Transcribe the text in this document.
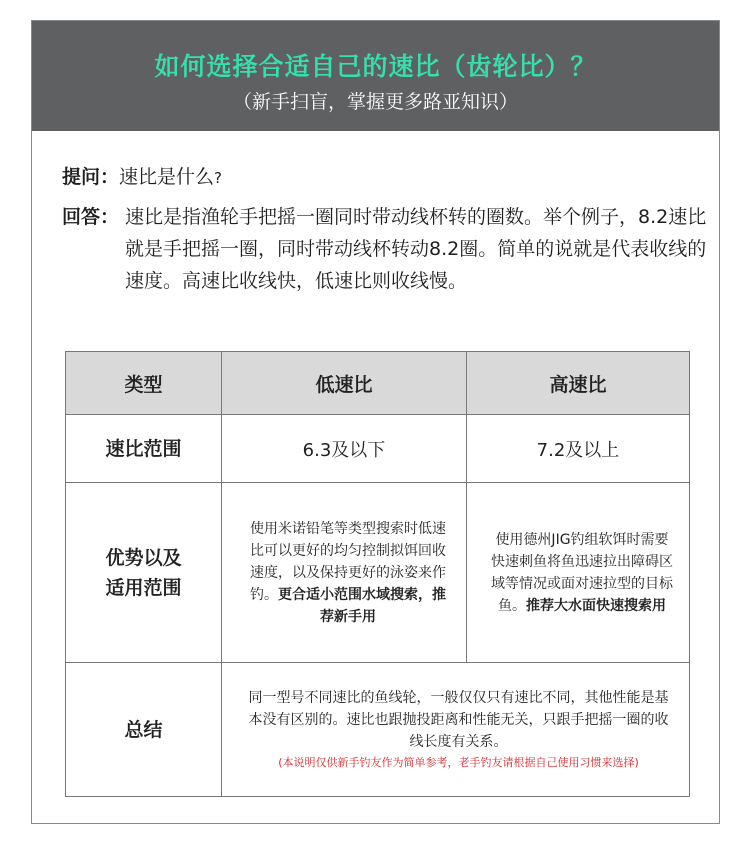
如何选择合适自己的速比（齿轮比）？
（新手扫盲，掌握更多路亚知识）
提问：速比是什么?
回答： 速比是指渔轮手把摇一圈同时带动线杯转的圈数。举个例子，8.2速比就是手把摇一圈，同时带动线杯转动8.2圈。简单的说就是代表收线的速度。高速比收线快，低速比则收线慢。
类型	低速比	高速比
速比范围	6.3及以下	7.2及以上

优势以及
适用范围	使用米诺铅笔等类型搜索时低速比可以更好的均匀控制拟饵回收速度，以及保持更好的泳姿来作钓。更合适小范围水域搜索，推荐新手用	使用德州JIG钓组软饵时需要快速刺鱼将鱼迅速拉出障碍区域等情况或面对速拉型的目标鱼。推荐大水面快速搜索用
总结	同一型号不同速比的鱼线轮，一般仅仅只有速比不同，其他性能是基本没有区别的。速比也跟抛投距离和性能无关，只跟手把摇一圈的收线长度有关系。
(本说明仅供新手钓友作为简单参考，老手钓友请根据自己使用习惯来选择)	
